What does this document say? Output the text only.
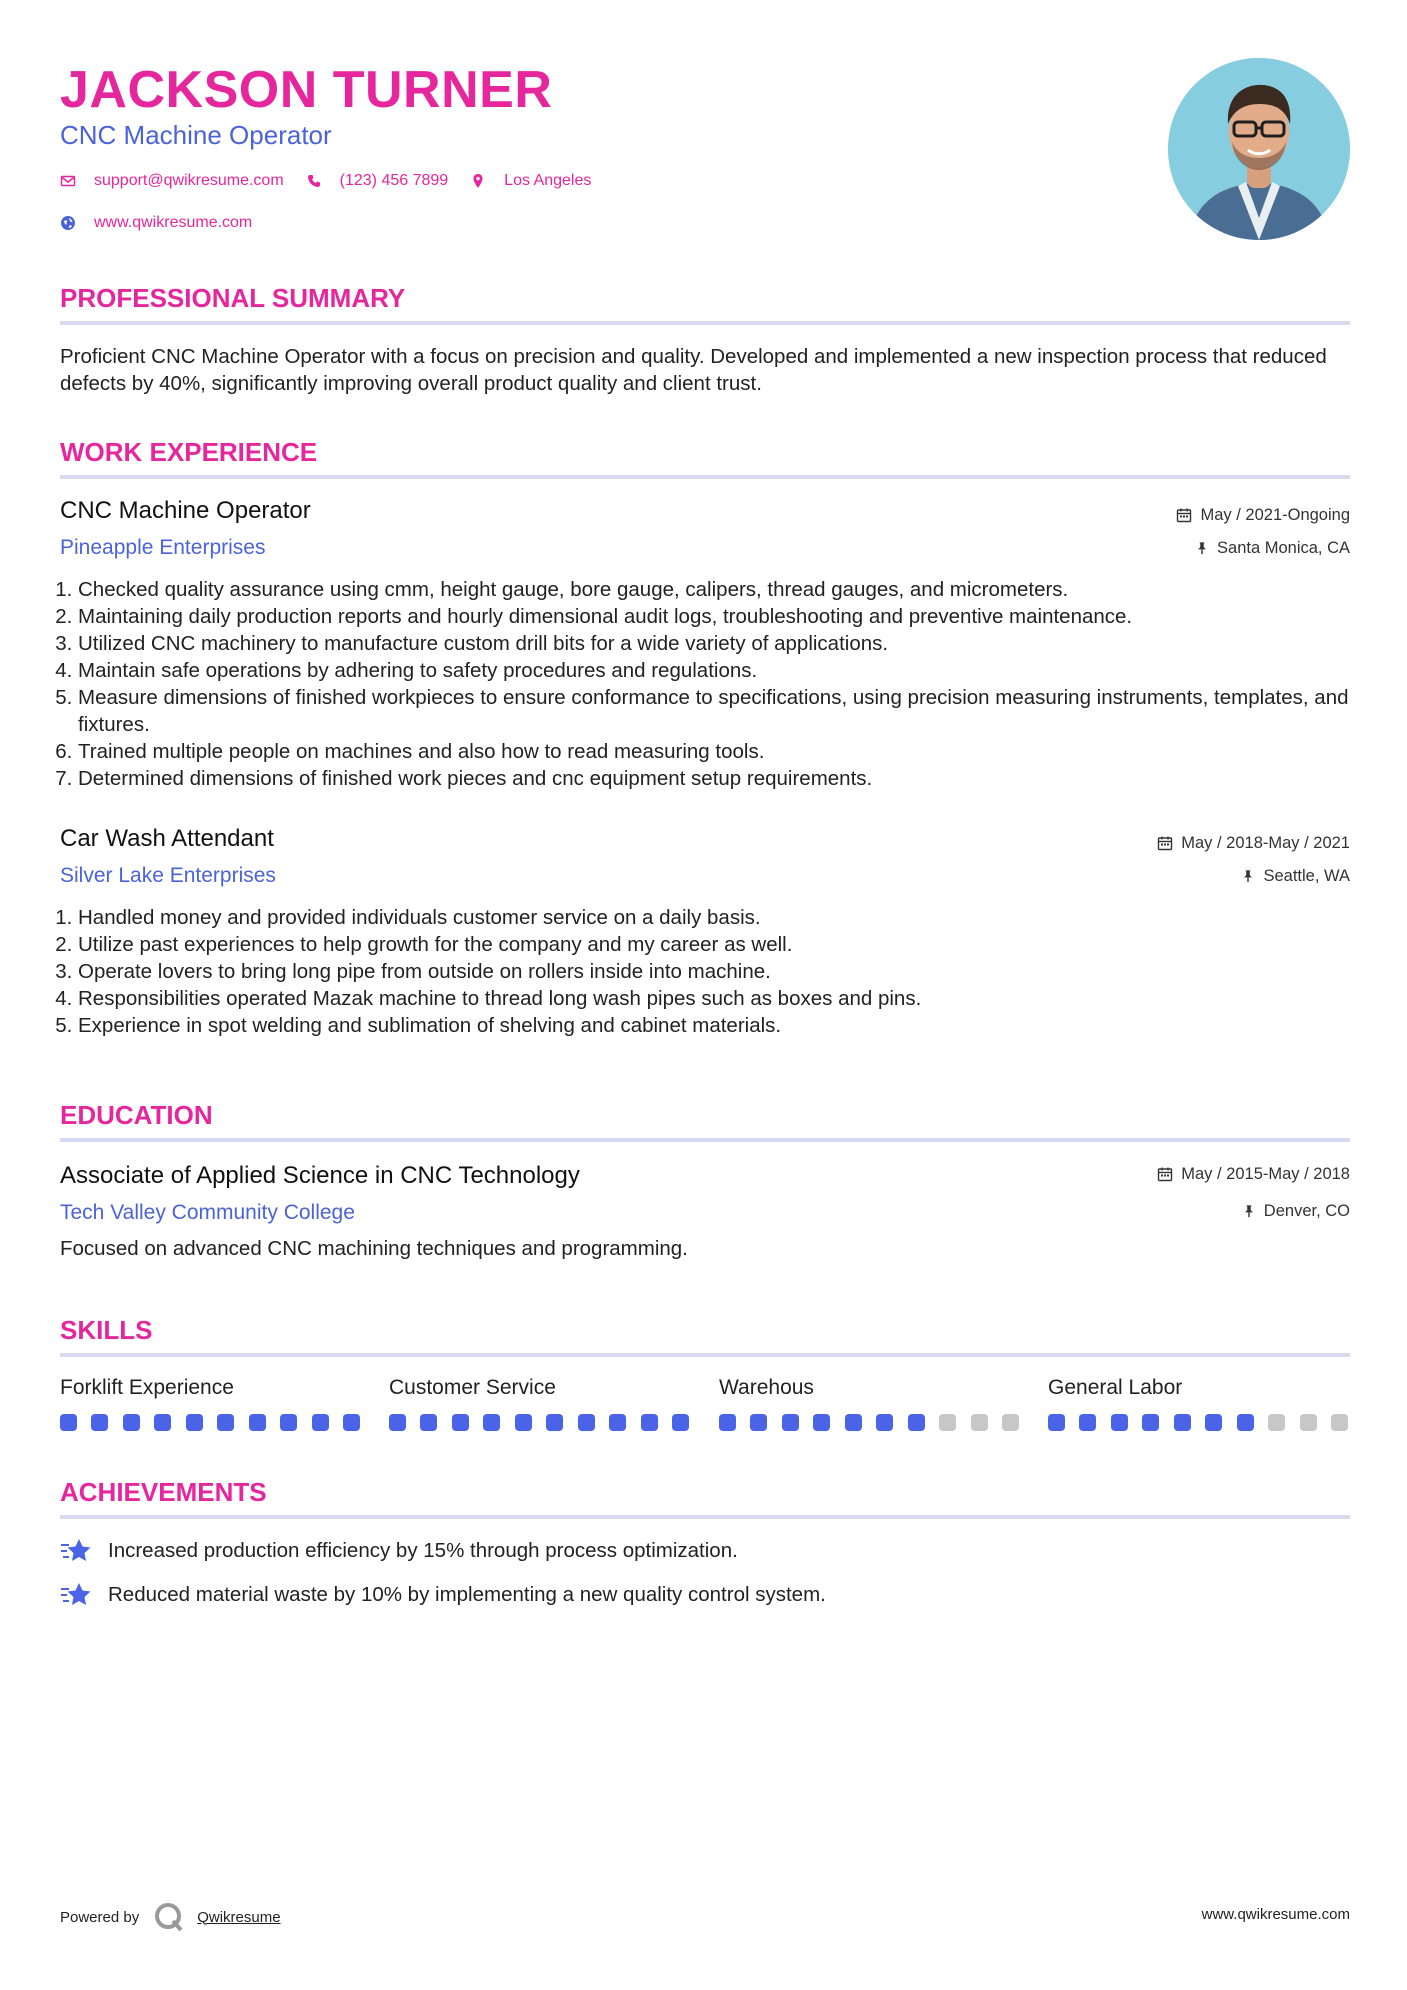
JACKSON TURNER
CNC Machine Operator
support@qwikresume.com	(123) 456 7899	Los Angeles
www.qwikresume.com
PROFESSIONAL SUMMARY
Proficient CNC Machine Operator with a focus on precision and quality. Developed and implemented a new inspection process that reduced defects by 40%, significantly improving overall product quality and client trust.
WORK EXPERIENCE
CNC Machine Operator
Pineapple Enterprises
May / 2021-Ongoing
Santa Monica, CA
1. Checked quality assurance using cmm, height gauge, bore gauge, calipers, thread gauges, and micrometers.
2. Maintaining daily production reports and hourly dimensional audit logs, troubleshooting and preventive maintenance.
3. Utilized CNC machinery to manufacture custom drill bits for a wide variety of applications.
4. Maintain safe operations by adhering to safety procedures and regulations.
5. Measure dimensions of finished workpieces to ensure conformance to specifications, using precision measuring instruments, templates, and fixtures.
6. Trained multiple people on machines and also how to read measuring tools.
7. Determined dimensions of finished work pieces and cnc equipment setup requirements.
Car Wash Attendant
Silver Lake Enterprises
May / 2018-May / 2021
Seattle, WA
1. Handled money and provided individuals customer service on a daily basis.
2. Utilize past experiences to help growth for the company and my career as well.
3. Operate lovers to bring long pipe from outside on rollers inside into machine.
4. Responsibilities operated Mazak machine to thread long wash pipes such as boxes and pins.
5. Experience in spot welding and sublimation of shelving and cabinet materials.
EDUCATION
Associate of Applied Science in CNC Technology
Tech Valley Community College
May / 2015-May / 2018
Denver, CO
Focused on advanced CNC machining techniques and programming.
SKILLS
Forklift Experience	Customer Service	Warehous	General Labor
ACHIEVEMENTS
Increased production efficiency by 15% through process optimization.
Reduced material waste by 10% by implementing a new quality control system.
Powered by	Qwikresume	www.qwikresume.com
